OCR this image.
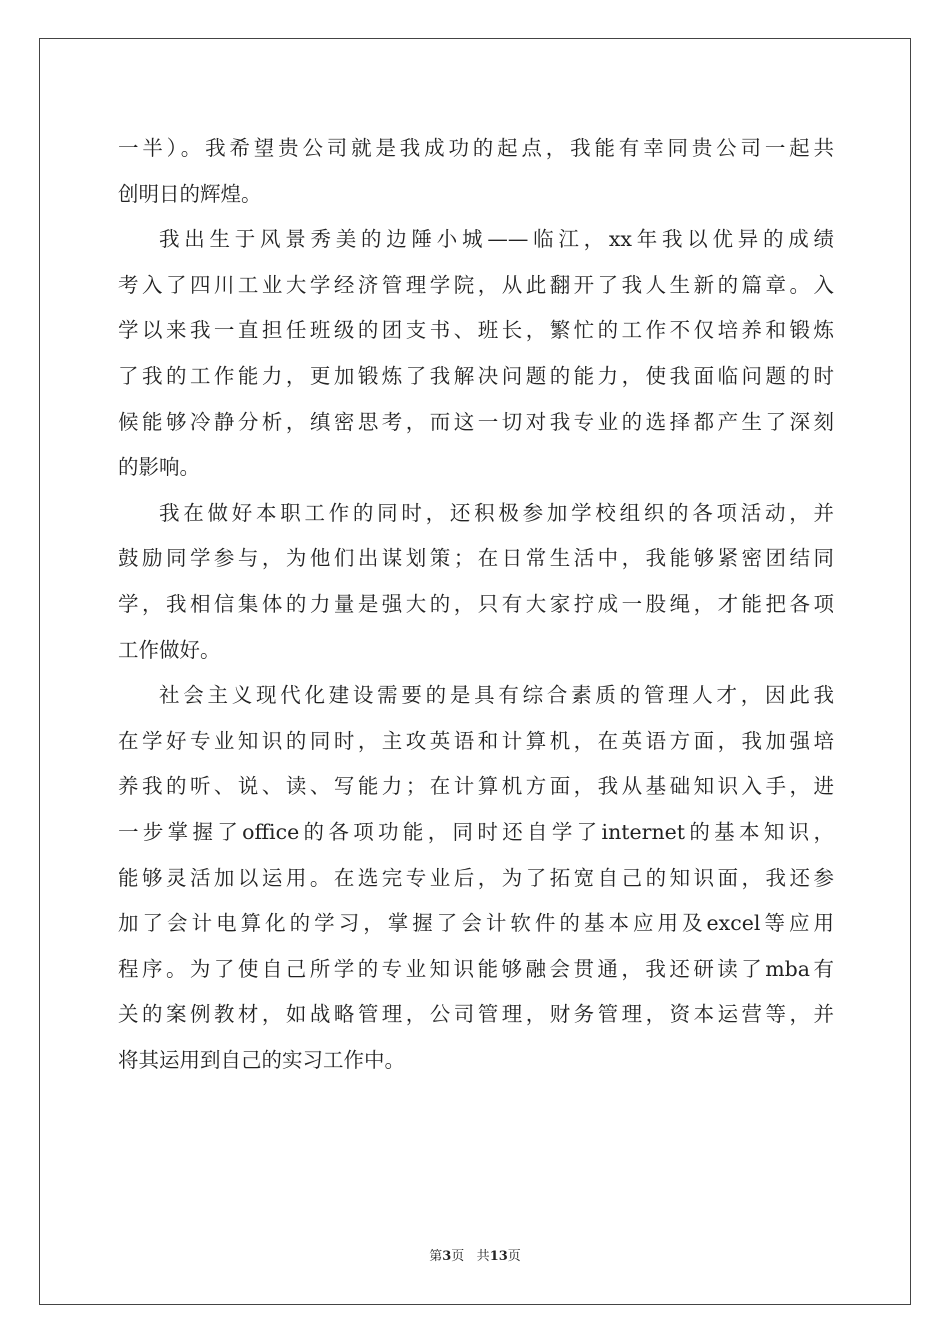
一半）。我希望贵公司就是我成功的起点，我能有幸同贵公司一起共
创明日的辉煌。
我出生于风景秀美的边陲小城——临江，xx年我以优异的成绩
考入了四川工业大学经济管理学院，从此翻开了我人生新的篇章。入
学以来我一直担任班级的团支书、班长，繁忙的工作不仅培养和锻炼
了我的工作能力，更加锻炼了我解决问题的能力，使我面临问题的时
候能够冷静分析，缜密思考，而这一切对我专业的选择都产生了深刻
的影响。
我在做好本职工作的同时，还积极参加学校组织的各项活动，并
鼓励同学参与，为他们出谋划策；在日常生活中，我能够紧密团结同
学，我相信集体的力量是强大的，只有大家拧成一股绳，才能把各项
工作做好。
社会主义现代化建设需要的是具有综合素质的管理人才，因此我
在学好专业知识的同时，主攻英语和计算机，在英语方面，我加强培
养我的听、说、读、写能力；在计算机方面，我从基础知识入手，进
一步掌握了office的各项功能，同时还自学了internet的基本知识，
能够灵活加以运用。在选完专业后，为了拓宽自己的知识面，我还参
加了会计电算化的学习，掌握了会计软件的基本应用及excel等应用
程序。为了使自己所学的专业知识能够融会贯通，我还研读了mba有
关的案例教材，如战略管理，公司管理，财务管理，资本运营等，并
将其运用到自己的实习工作中。
第3页 共13页
